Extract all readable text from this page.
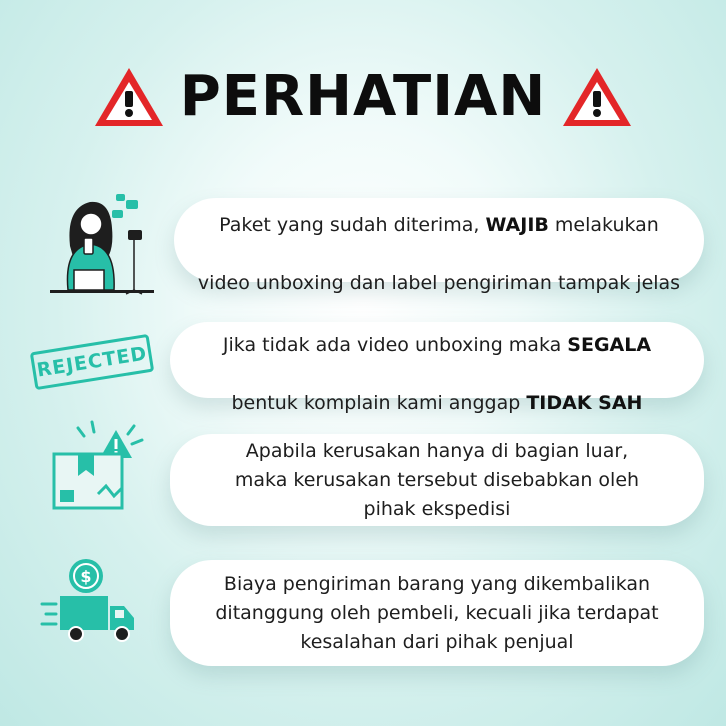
PERHATIAN

Paket yang sudah diterima, WAJIB melakukan

video unboxing dan label pengiriman tampak jelas

REJECTED	Jika tidak ada video unboxing maka SEGALA

bentuk komplain kami anggap TIDAK SAH

Apabila kerusakan hanya di bagian luar,
maka kerusakan tersebut disebabkan oleh
pihak ekspedisi
$	Biaya pengiriman barang yang dikembalikan
ditanggung oleh pembeli, kecuali jika terdapat
kesalahan dari pihak penjual
